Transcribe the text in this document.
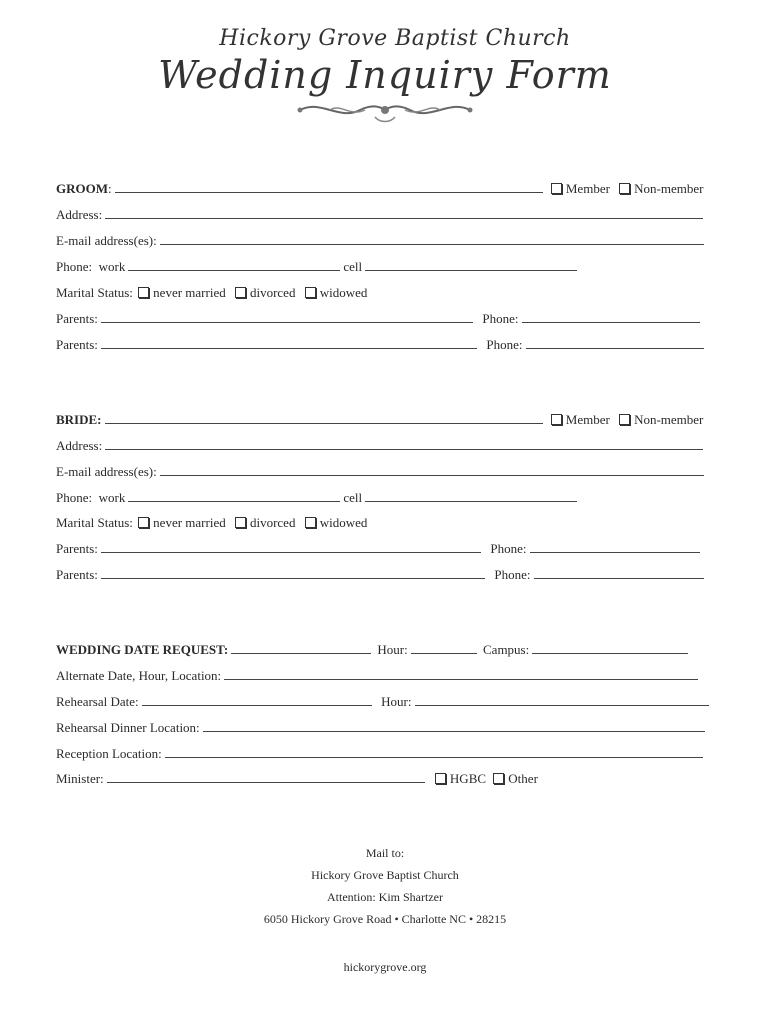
Hickory Grove Baptist Church
Wedding Inquiry Form
GROOM:	Member Non-member
Address:
E-mail address(es):
Phone: work	cell
Marital Status: never married divorced widowed
Parents:	Phone:
Parents:	Phone:
BRIDE:	Member Non-member
Address:
E-mail address(es):
Phone: work	cell
Marital Status: never married divorced widowed
Parents:	Phone:
Parents:	Phone:
WEDDING DATE REQUEST:	Hour:	Campus:
Alternate Date, Hour, Location:
Rehearsal Date:	Hour:
Rehearsal Dinner Location:
Reception Location:
Minister:	HGBC Other
Mail to:
Hickory Grove Baptist Church
Attention: Kim Shartzer
6050 Hickory Grove Road • Charlotte NC • 28215
hickorygrove.org
